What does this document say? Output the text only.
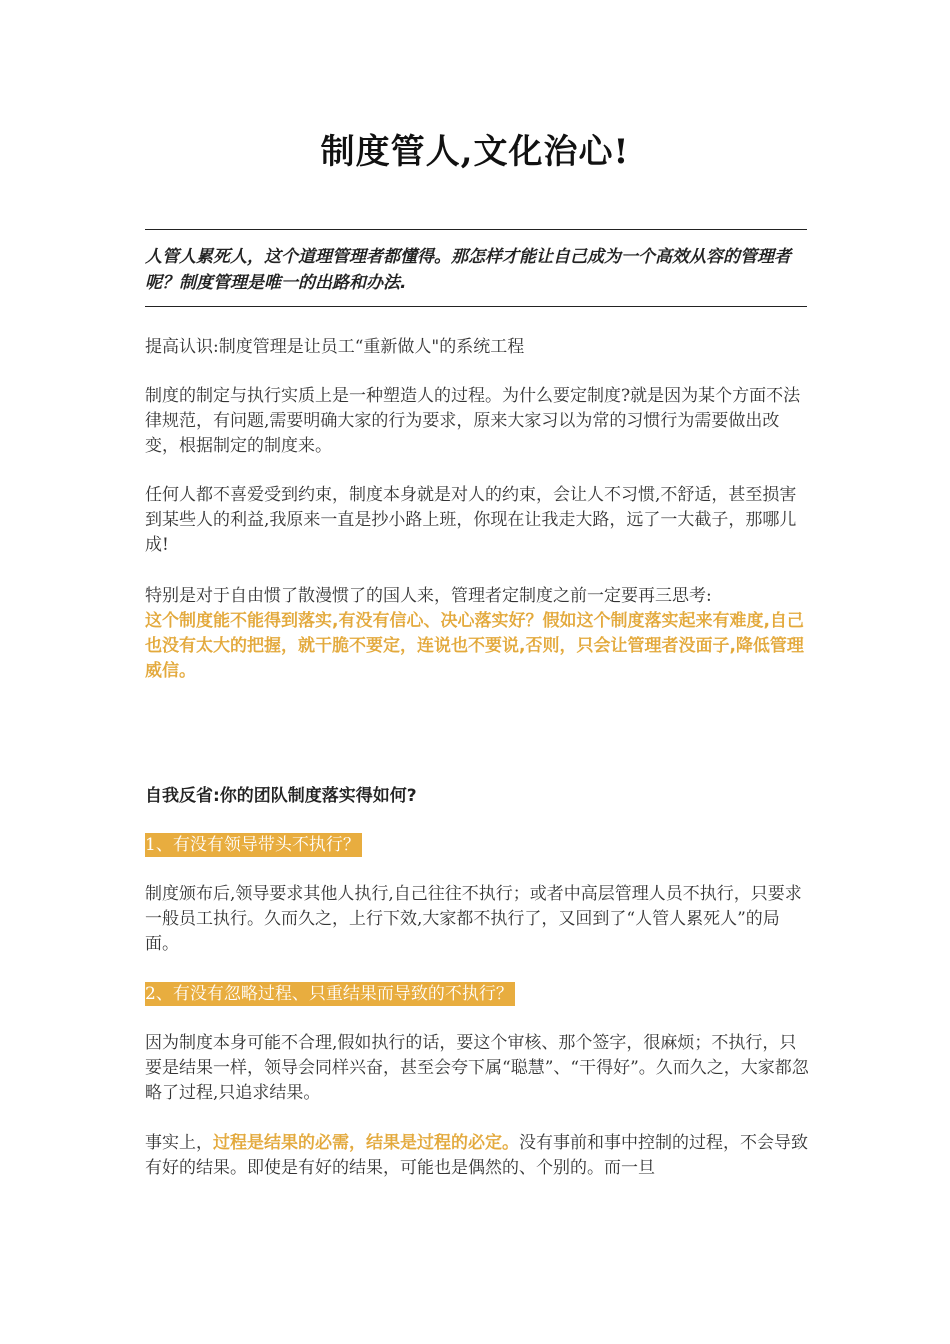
制度管人,文化治心!
人管人累死人，这个道理管理者都懂得。那怎样才能让自己成为一个高效从容的管理者呢？制度管理是唯一的出路和办法.
提高认识:制度管理是让员工“重新做人"的系统工程
制度的制定与执行实质上是一种塑造人的过程。为什么要定制度?就是因为某个方面不法律规范，有问题,需要明确大家的行为要求，原来大家习以为常的习惯行为需要做出改变，根据制定的制度来。
任何人都不喜爱受到约束，制度本身就是对人的约束，会让人不习惯,不舒适，甚至损害到某些人的利益,我原来一直是抄小路上班，你现在让我走大路，远了一大截子，那哪儿成!
特别是对于自由惯了散漫惯了的国人来，管理者定制度之前一定要再三思考:
这个制度能不能得到落实,有没有信心、决心落实好？假如这个制度落实起来有难度,自己也没有太大的把握，就干脆不要定，连说也不要说,否则，只会让管理者没面子,降低管理威信。
自我反省:你的团队制度落实得如何?
1、有没有领导带头不执行？
制度颁布后,领导要求其他人执行,自己往往不执行；或者中高层管理人员不执行，只要求一般员工执行。久而久之，上行下效,大家都不执行了，又回到了“人管人累死人”的局面。
2、有没有忽略过程、只重结果而导致的不执行？
因为制度本身可能不合理,假如执行的话，要这个审核、那个签字，很麻烦；不执行，只要是结果一样，领导会同样兴奋，甚至会夸下属“聪慧”、“干得好”。久而久之，大家都忽略了过程,只追求结果。
事实上，过程是结果的必需，结果是过程的必定。没有事前和事中控制的过程，不会导致有好的结果。即使是有好的结果，可能也是偶然的、个别的。而一旦
